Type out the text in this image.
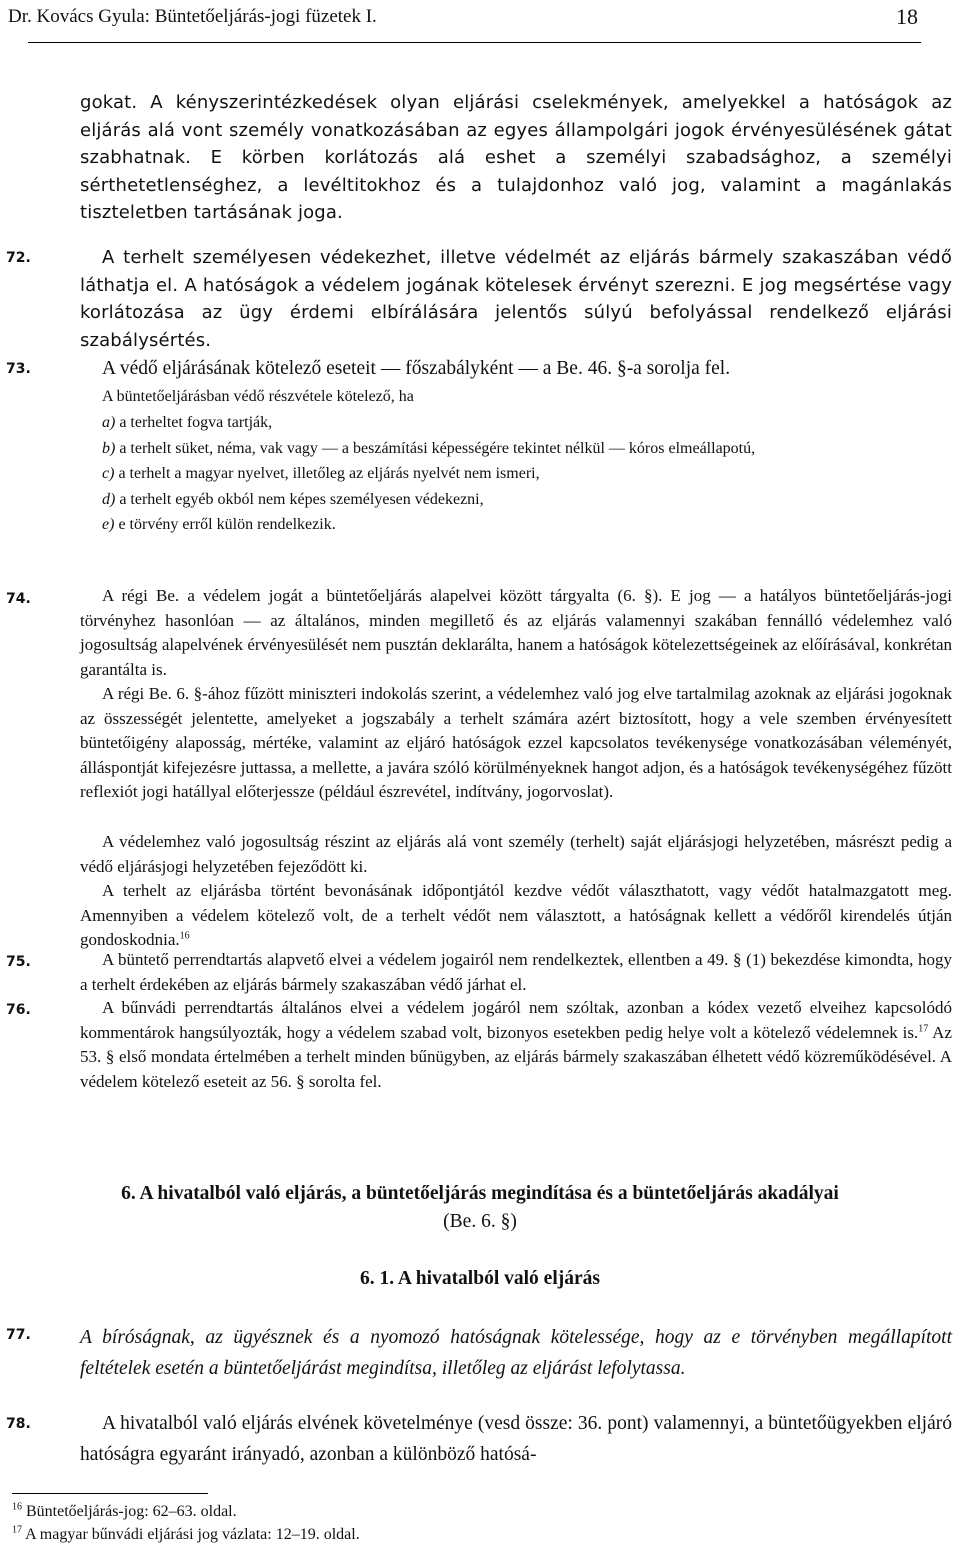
Dr. Kovács Gyula: Büntetőeljárás-jogi füzetek I.	18

gokat. A kényszerintézkedések olyan eljárási cselekmények, amelyekkel a hatóságok az eljárás alá vont személy vonatkozásában az egyes állampolgári jogok érvényesülésének gátat szabhatnak. E körben korlátozás alá eshet a személyi szabadsághoz, a személyi sérthetetlenséghez, a levéltitokhoz és a tulajdonhoz való jog, valamint a magánlakás tiszteletben tartásának joga.

72.	A terhelt személyesen védekezhet, illetve védelmét az eljárás bármely szakaszában védő láthatja el. A hatóságok a védelem jogának kötelesek érvényt szerezni. E jog megsértése vagy korlátozása az ügy érdemi elbírálására jelentős súlyú befolyással rendelkező eljárási szabálysértés.

73.	A védő eljárásának kötelező eseteit — főszabályként — a Be. 46. §-a sorolja fel.

A büntetőeljárásban védő részvétele kötelező, ha

a) a terheltet fogva tartják,
b) a terhelt süket, néma, vak vagy — a beszámítási képességére tekintet nélkül — kóros elmeállapotú,
c) a terhelt a magyar nyelvet, illetőleg az eljárás nyelvét nem ismeri,
d) a terhelt egyéb okból nem képes személyesen védekezni,
e) e törvény erről külön rendelkezik.
74.	A régi Be. a védelem jogát a büntetőeljárás alapelvei között tárgyalta (6. §). E jog — a hatályos büntetőeljárás-jogi törvényhez hasonlóan — az általános, minden megillető és az eljárás valamennyi szakában fennálló védelemhez való jogosultság alapelvének érvényesülését nem pusztán deklarálta, hanem a hatóságok kötelezettségeinek az előírásával, konkrétan garantálta is.

A régi Be. 6. §-ához fűzött miniszteri indokolás szerint, a védelemhez való jog elve tartalmilag azoknak az eljárási jogoknak az összességét jelentette, amelyeket a jogszabály a terhelt számára azért biztosított, hogy a vele szemben érvényesített büntetőigény alaposság, mértéke, valamint az eljáró hatóságok ezzel kapcsolatos tevékenysége vonatkozásában véleményét, álláspontját kifejezésre juttassa, a mellette, a javára szóló körülményeknek hangot adjon, és a hatóságok tevékenységéhez fűzött reflexiót jogi hatállyal előterjessze (például észrevétel, indítvány, jogorvoslat).

A védelemhez való jogosultság részint az eljárás alá vont személy (terhelt) saját eljárásjogi helyzetében, másrészt pedig a védő eljárásjogi helyzetében fejeződött ki.

A terhelt az eljárásba történt bevonásának időpontjától kezdve védőt választhatott, vagy védőt hatalmazgatott meg. Amennyiben a védelem kötelező volt, de a terhelt védőt nem választott, a hatóságnak kellett a védőről kirendelés útján gondoskodnia.$^{16}$

75.	A büntető perrendtartás alapvető elvei a védelem jogairól nem rendelkeztek, ellentben a 49. § (1) bekezdése kimondta, hogy a terhelt érdekében az eljárás bármely szakaszában védő járhat el.

76.	A bűnvádi perrendtartás általános elvei a védelem jogáról nem szóltak, azonban a kódex vezető elveihez kapcsolódó kommentárok hangsúlyozták, hogy a védelem szabad volt, bizonyos esetekben pedig helye volt a kötelező védelemnek is.$^{17}$ Az 53. § első mondata értelmében a terhelt minden bűnügyben, az eljárás bármely szakaszában élhetett védő közreműködésével. A védelem kötelező eseteit az 56. § sorolta fel.

6. A hivatalból való eljárás, a büntetőeljárás megindítása és a büntetőeljárás akadályai
(Be. 6. §)
6. 1. A hivatalból való eljárás
77.	A bíróságnak, az ügyésznek és a nyomozó hatóságnak kötelessége, hogy az e törvényben megállapított feltételek esetén a büntetőeljárást megindítsa, illetőleg az eljárást lefolytassa.

78.	A hivatalból való eljárás elvének követelménye (vesd össze: 36. pont) valamennyi, a büntetőügyekben eljáró hatóságra egyaránt irányadó, azonban a különböző hatósá-

$^{16}$ Büntetőeljárás-jog: 62–63. oldal.
$^{17}$ A magyar bűnvádi eljárási jog vázlata: 12–19. oldal.
